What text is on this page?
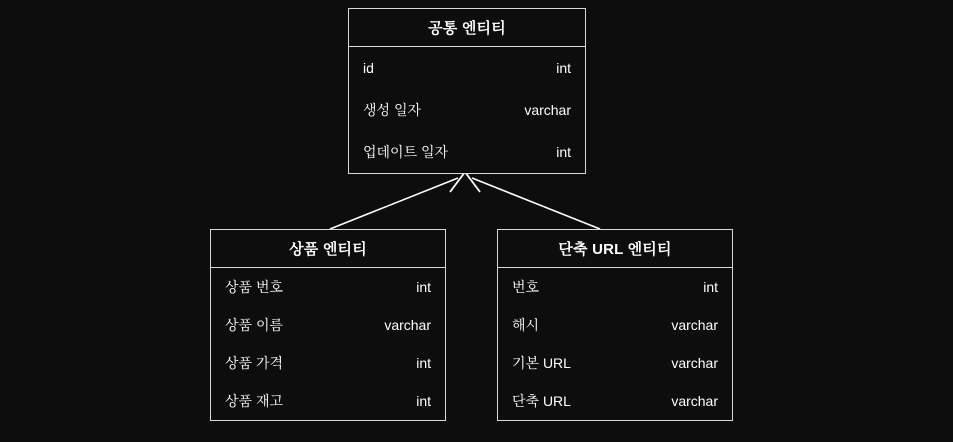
공통 엔티티
id	int
생성 일자	varchar
업데이트 일자	int
상품 엔티티
상품 번호	int
상품 이름	varchar
상품 가격	int
상품 재고	int
단축 URL 엔티티
번호	int
해시	varchar
기본 URL	varchar
단축 URL	varchar
